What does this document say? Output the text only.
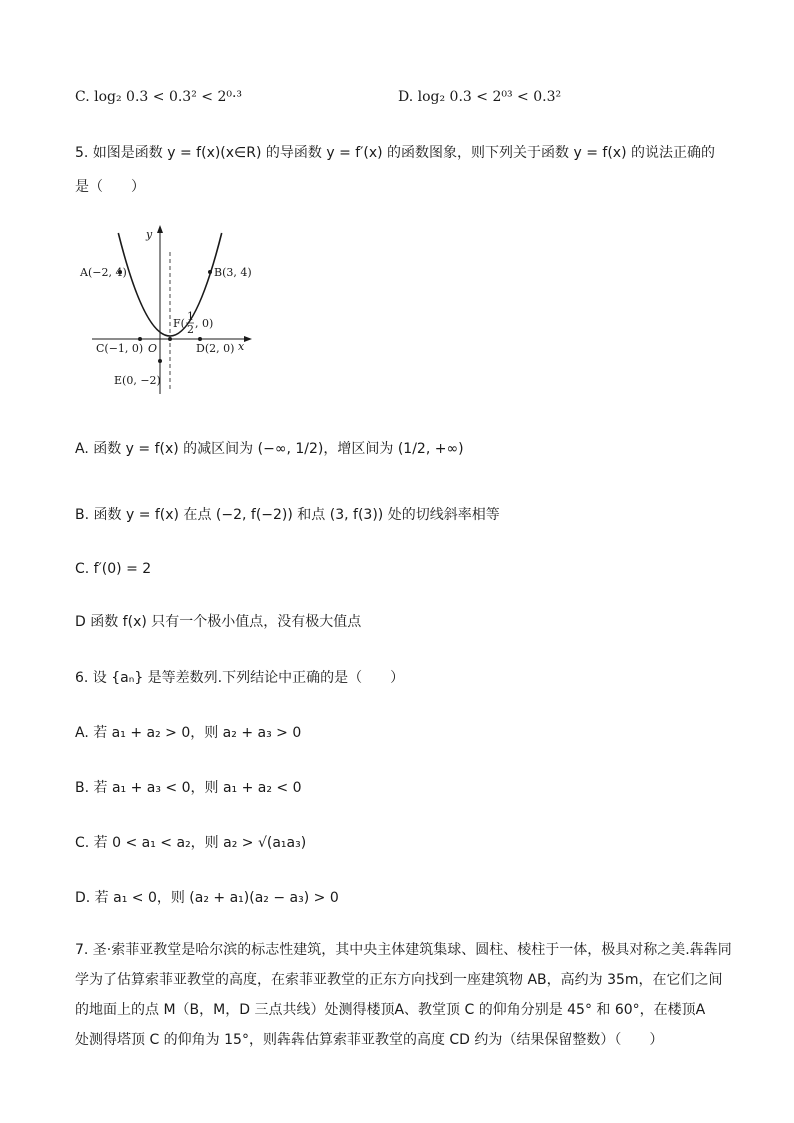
C. log₂ 0.3 < 0.3² < 2⁰·³	D. log₂ 0.3 < 2⁰³ < 0.3²
5. 如图是函数 y = f(x)(x∈R) 的导函数 y = f′(x) 的函数图象，则下列关于函数 y = f(x) 的说法正确的
是（　　）
y
x
O
A(−2, 4)	B(3, 4)
C(−1, 0)	D(2, 0)
E(0, −2)
F(
1
2 , 0)
A. 函数 y = f(x) 的减区间为 (−∞, 1/2)，增区间为 (1/2, +∞)
B. 函数 y = f(x) 在点 (−2, f(−2)) 和点 (3, f(3)) 处的切线斜率相等
C. f′(0) = 2
D 函数 f(x) 只有一个极小值点，没有极大值点
6. 设 {aₙ} 是等差数列.下列结论中正确的是（　　）
A. 若 a₁ + a₂ > 0，则 a₂ + a₃ > 0
B. 若 a₁ + a₃ < 0，则 a₁ + a₂ < 0
C. 若 0 < a₁ < a₂，则 a₂ > √(a₁a₃)
D. 若 a₁ < 0，则 (a₂ + a₁)(a₂ − a₃) > 0
7. 圣·索菲亚教堂是哈尔滨的标志性建筑，其中央主体建筑集球、圆柱、棱柱于一体，极具对称之美.犇犇同
学为了估算索菲亚教堂的高度，在索菲亚教堂的正东方向找到一座建筑物 AB，高约为 35m，在它们之间
的地面上的点 M（B，M，D 三点共线）处测得楼顶A、教堂顶 C 的仰角分别是 45° 和 60°，在楼顶A
处测得塔顶 C 的仰角为 15°，则犇犇估算索菲亚教堂的高度 CD 约为（结果保留整数）（　　）
